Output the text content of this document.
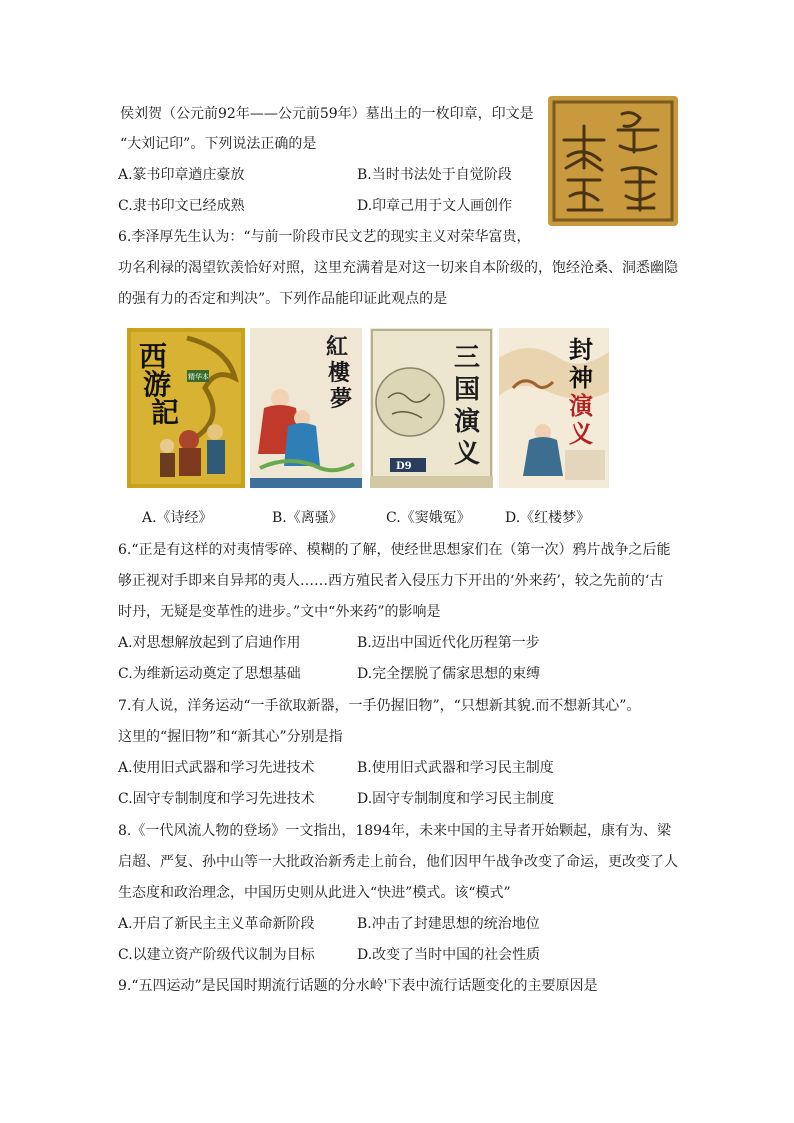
侯刘贺（公元前92年——公元前59年）墓出土的一枚印章，印文是
“大刘记印”。下列说法正确的是
A.篆书印章遒庄豪放	B.当时书法处于自觉阶段
C.隶书印文已经成熟	D.印章己用于文人画创作
6.李泽厚先生认为：“与前一阶段市民文艺的现实主义对荣华富贵，
功名利禄的渴望钦羡恰好对照，这里充满着是对这一切来自本阶级的，饱经沧桑、洞悉幽隐
的强有力的否定和判决”。下列作品能印证此观点的是
西
游
記
精华本
紅
樓
夢
三
国
演
义
D9
封
神
演
义
A.《诗经》	B.《离骚》	C.《窦娥冤》 D.《红楼梦》
6.“正是有这样的对夷情零碎、模糊的了解，使经世思想家们在（第一次）鸦片战争之后能
够正视对手即来自异邦的夷人……西方殖民者入侵压力下开出的‘外来药’，较之先前的‘古
时丹，无疑是变革性的进步。”文中“外来药”的影响是
A.对思想解放起到了启迪作用	B.迈出中国近代化历程第一步
C.为维新运动奠定了思想基础	D.完全摆脱了儒家思想的束缚
7.有人说，洋务运动“一手欲取新器，一手仍握旧物”，“只想新其貌.而不想新其心”。
这里的“握旧物”和“新其心”分别是指
A.使用旧式武器和学习先进技术	B.使用旧式武器和学习民主制度
C.固守专制制度和学习先进技术	D.固守专制制度和学习民主制度
8.《一代风流人物的登场》一文指出，1894年，未来中国的主导者开始颗起，康有为、梁
启超、严复、孙中山等一大批政治新秀走上前台，他们因甲午战争改变了命运，更改变了人
生态度和政治理念，中国历史则从此进入“快进”模式。该“模式”
A.开启了新民主主义革命新阶段	B.冲击了封建思想的统治地位
C.以建立资产阶级代议制为目标	D.改变了当时中国的社会性质
9.“五四运动”是民国时期流行话题的分水岭'下表中流行话题变化的主要原因是
